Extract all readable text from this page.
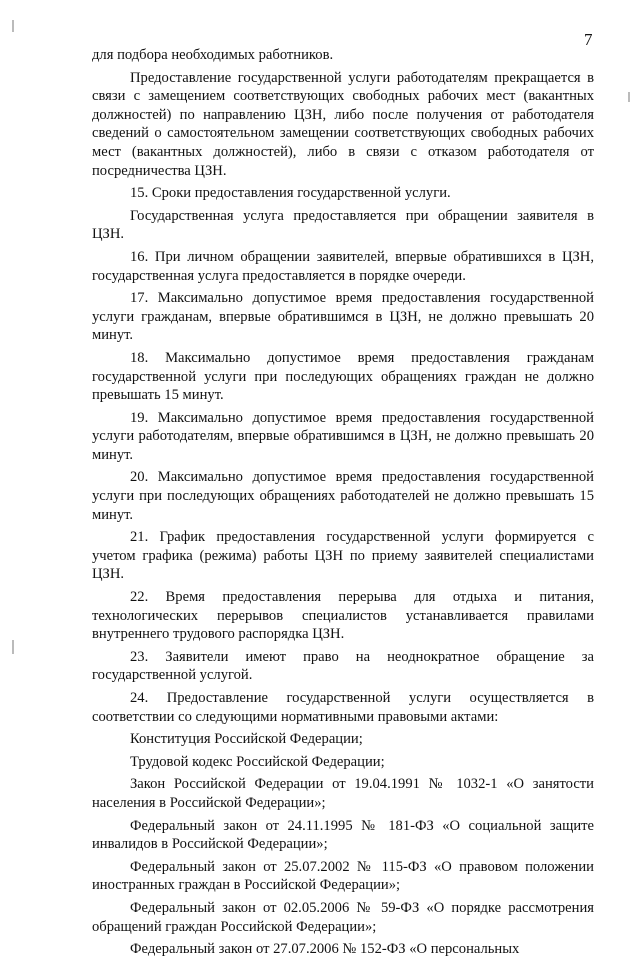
7

для подбора необходимых работников.

Предоставление государственной услуги работодателям прекращается в связи с замещением соответствующих свободных рабочих мест (вакантных должностей) по направлению ЦЗН, либо после получения от работодателя сведений о самостоятельном замещении соответствующих свободных рабочих мест (вакантных должностей), либо в связи с отказом работодателя от посредничества ЦЗН.

15. Сроки предоставления государственной услуги.

Государственная услуга предоставляется при обращении заявителя в ЦЗН.

16. При личном обращении заявителей, впервые обратившихся в ЦЗН, государственная услуга предоставляется в порядке очереди.

17. Максимально допустимое время предоставления государственной услуги гражданам, впервые обратившимся в ЦЗН, не должно превышать 20 минут.

18. Максимально допустимое время предоставления гражданам государственной услуги при последующих обращениях граждан не должно превышать 15 минут.

19. Максимально допустимое время предоставления государственной услуги работодателям, впервые обратившимся в ЦЗН, не должно превышать 20 минут.

20. Максимально допустимое время предоставления государственной услуги при последующих обращениях работодателей не должно превышать 15 минут.

21. График предоставления государственной услуги формируется с учетом графика (режима) работы ЦЗН по приему заявителей специалистами ЦЗН.

22. Время предоставления перерыва для отдыха и питания, технологических перерывов специалистов устанавливается правилами внутреннего трудового распорядка ЦЗН.

23. Заявители имеют право на неоднократное обращение за государственной услугой.

24. Предоставление государственной услуги осуществляется в соответствии со следующими нормативными правовыми актами:

Конституция Российской Федерации;

Трудовой кодекс Российской Федерации;

Закон Российской Федерации от 19.04.1991 № 1032-1 «О занятости населения в Российской Федерации»;

Федеральный закон от 24.11.1995 № 181-ФЗ «О социальной защите инвалидов в Российской Федерации»;

Федеральный закон от 25.07.2002 № 115-ФЗ «О правовом положении иностранных граждан в Российской Федерации»;

Федеральный закон от 02.05.2006 № 59-ФЗ «О порядке рассмотрения обращений граждан Российской Федерации»;

Федеральный закон от 27.07.2006 № 152-ФЗ «О персональных
